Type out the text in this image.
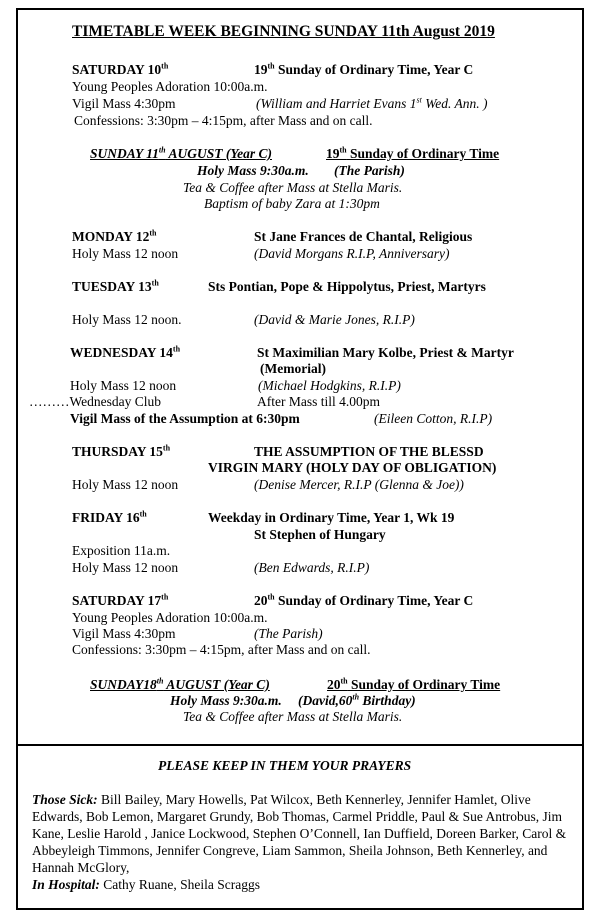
TIMETABLE WEEK BEGINNING SUNDAY 11th August 2019
SATURDAY 10th	19th Sunday of Ordinary Time, Year C
Young Peoples Adoration 10:00a.m.
Vigil Mass 4:30pm	(William and Harriet Evans 1st Wed. Ann. )
Confessions: 3:30pm – 4:15pm, after Mass and on call.
SUNDAY 11th AUGUST (Year C)	19th Sunday of Ordinary Time
Holy Mass 9:30a.m. (The Parish)
Tea & Coffee after Mass at Stella Maris.
Baptism of baby Zara at 1:30pm
MONDAY 12th	St Jane Frances de Chantal, Religious
Holy Mass 12 noon	(David Morgans R.I.P, Anniversary)
TUESDAY 13th	Sts Pontian, Pope & Hippolytus, Priest, Martyrs
Holy Mass 12 noon.	(David & Marie Jones, R.I.P)
WEDNESDAY 14th	St Maximilian Mary Kolbe, Priest & Martyr
(Memorial)
Holy Mass 12 noon	(Michael Hodgkins, R.I.P)
………Wednesday Club	After Mass till 4.00pm
Vigil Mass of the Assumption at 6:30pm	(Eileen Cotton, R.I.P)
THURSDAY 15th	THE ASSUMPTION OF THE BLESSD
VIRGIN MARY (HOLY DAY OF OBLIGATION)
Holy Mass 12 noon	(Denise Mercer, R.I.P (Glenna & Joe))
FRIDAY 16th	Weekday in Ordinary Time, Year 1, Wk 19
St Stephen of Hungary
Exposition 11a.m.
Holy Mass 12 noon	(Ben Edwards, R.I.P)
SATURDAY 17th	20th Sunday of Ordinary Time, Year C
Young Peoples Adoration 10:00a.m.
Vigil Mass 4:30pm	(The Parish)
Confessions: 3:30pm – 4:15pm, after Mass and on call.
SUNDAY18th AUGUST (Year C)	20th Sunday of Ordinary Time
Holy Mass 9:30a.m. (David,60th Birthday)
Tea & Coffee after Mass at Stella Maris.
PLEASE KEEP IN THEM YOUR PRAYERS
Those Sick: Bill Bailey, Mary Howells, Pat Wilcox, Beth Kennerley, Jennifer Hamlet, Olive Edwards, Bob Lemon, Margaret Grundy, Bob Thomas, Carmel Priddle, Paul & Sue Antrobus, Jim Kane, Leslie Harold , Janice Lockwood, Stephen O’Connell, Ian Duffield, Doreen Barker, Carol & Abbeyleigh Timmons, Jennifer Congreve, Liam Sammon, Sheila Johnson, Beth Kennerley, and Hannah McGlory,
In Hospital: Cathy Ruane, Sheila Scraggs
